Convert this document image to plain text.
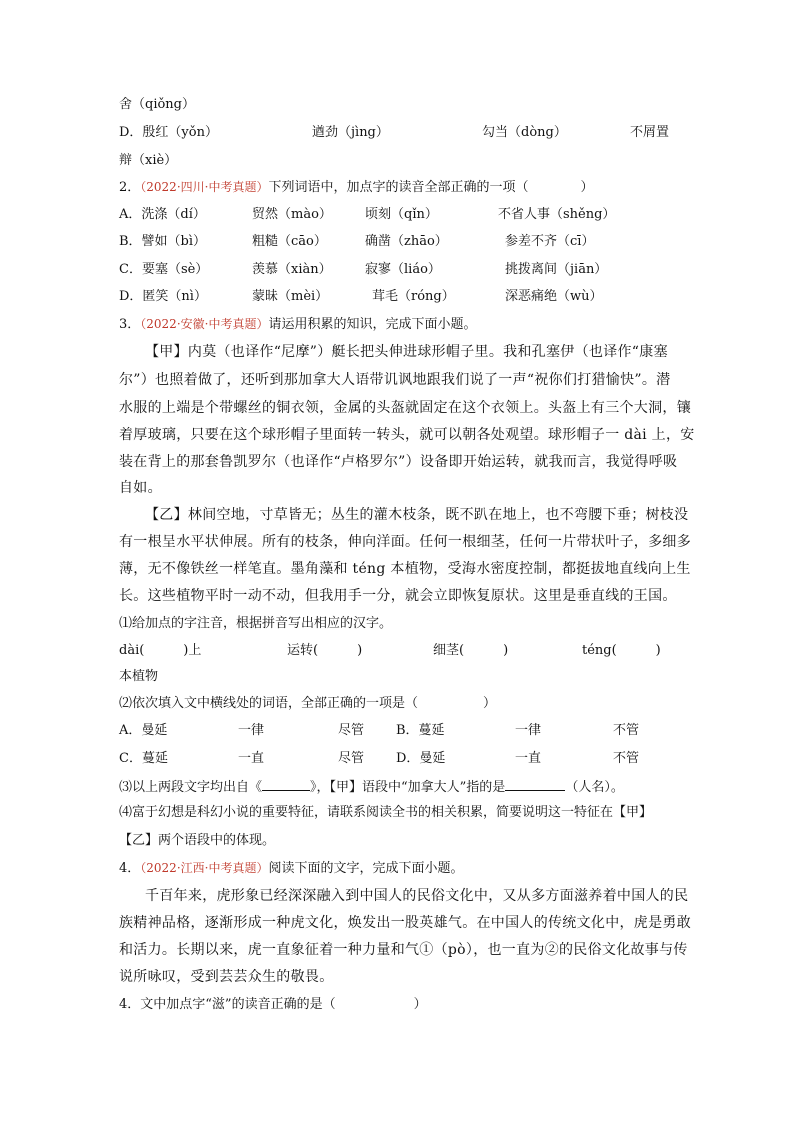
舍（qiǒng）
D．殷红（yǒn）	遒劲（jìng）	勾当（dòng）	不屑置
辩（xiè）
2．（2022·四川·中考真题）下列词语中，加点字的读音全部正确的一项（　　　　）
A．洗涤（dí）	贸然（mào）	顷刻（qǐn）	不省人事（shěng）
B．譬如（bì）	粗糙（cāo）	确凿（zhāo）	参差不齐（cī）
C．要塞（sè）	羡慕（xiàn）	寂寥（liáo）	挑拨离间（jiān）
D．匿笑（nì）	蒙昧（mèi）	茸毛（róng）	深恶痛绝（wù）
3．（2022·安徽·中考真题）请运用积累的知识，完成下面小题。
【甲】内莫（也译作“尼摩”）艇长把头伸进球形帽子里。我和孔塞伊（也译作“康塞
尔”）也照着做了，还听到那加拿大人语带讥讽地跟我们说了一声“祝你们打猎愉快”。潜
水服的上端是个带螺丝的铜衣领，金属的头盔就固定在这个衣领上。头盔上有三个大洞，镶
着厚玻璃，只要在这个球形帽子里面转一转头，就可以朝各处观望。球形帽子一 dài 上，安
装在背上的那套鲁凯罗尔（也译作“卢格罗尔”）设备即开始运转，就我而言，我觉得呼吸
自如。
【乙】林间空地，寸草皆无；丛生的灌木枝条，既不趴在地上，也不弯腰下垂；树枝没
有一根呈水平状伸展。所有的枝条，伸向洋面。任何一根细茎，任何一片带状叶子，多细多
薄，无不像铁丝一样笔直。墨角藻和 téng 本植物，受海水密度控制，都挺拔地直线向上生
长。这些植物平时一动不动，但我用手一分，就会立即恢复原状。这里是垂直线的王国。
⑴给加点的字注音，根据拼音写出相应的汉字。
dài(　　　)上	运转(　　　)	细茎(　　　)	téng(　　　)
本植物
⑵依次填入文中横线处的词语，全部正确的一项是（　　　　　）
A．曼延	一律	尽管 B．蔓延	一律	不管
C．蔓延	一直	尽管 D．曼延	一直	不管
⑶以上两段文字均出自《	》，【甲】语段中“加拿大人”指的是	（人名）。
⑷富于幻想是科幻小说的重要特征，请联系阅读全书的相关积累，简要说明这一特征在【甲】
【乙】两个语段中的体现。
4．（2022·江西·中考真题）阅读下面的文字，完成下面小题。
千百年来，虎形象已经深深融入到中国人的民俗文化中，又从多方面滋养着中国人的民
族精神品格，逐渐形成一种虎文化，焕发出一股英雄气。在中国人的传统文化中，虎是勇敢
和活力。长期以来，虎一直象征着一种力量和气①（pò），也一直为②的民俗文化故事与传
说所咏叹，受到芸芸众生的敬畏。
4．文中加点字“滋”的读音正确的是（　　　　　　）
